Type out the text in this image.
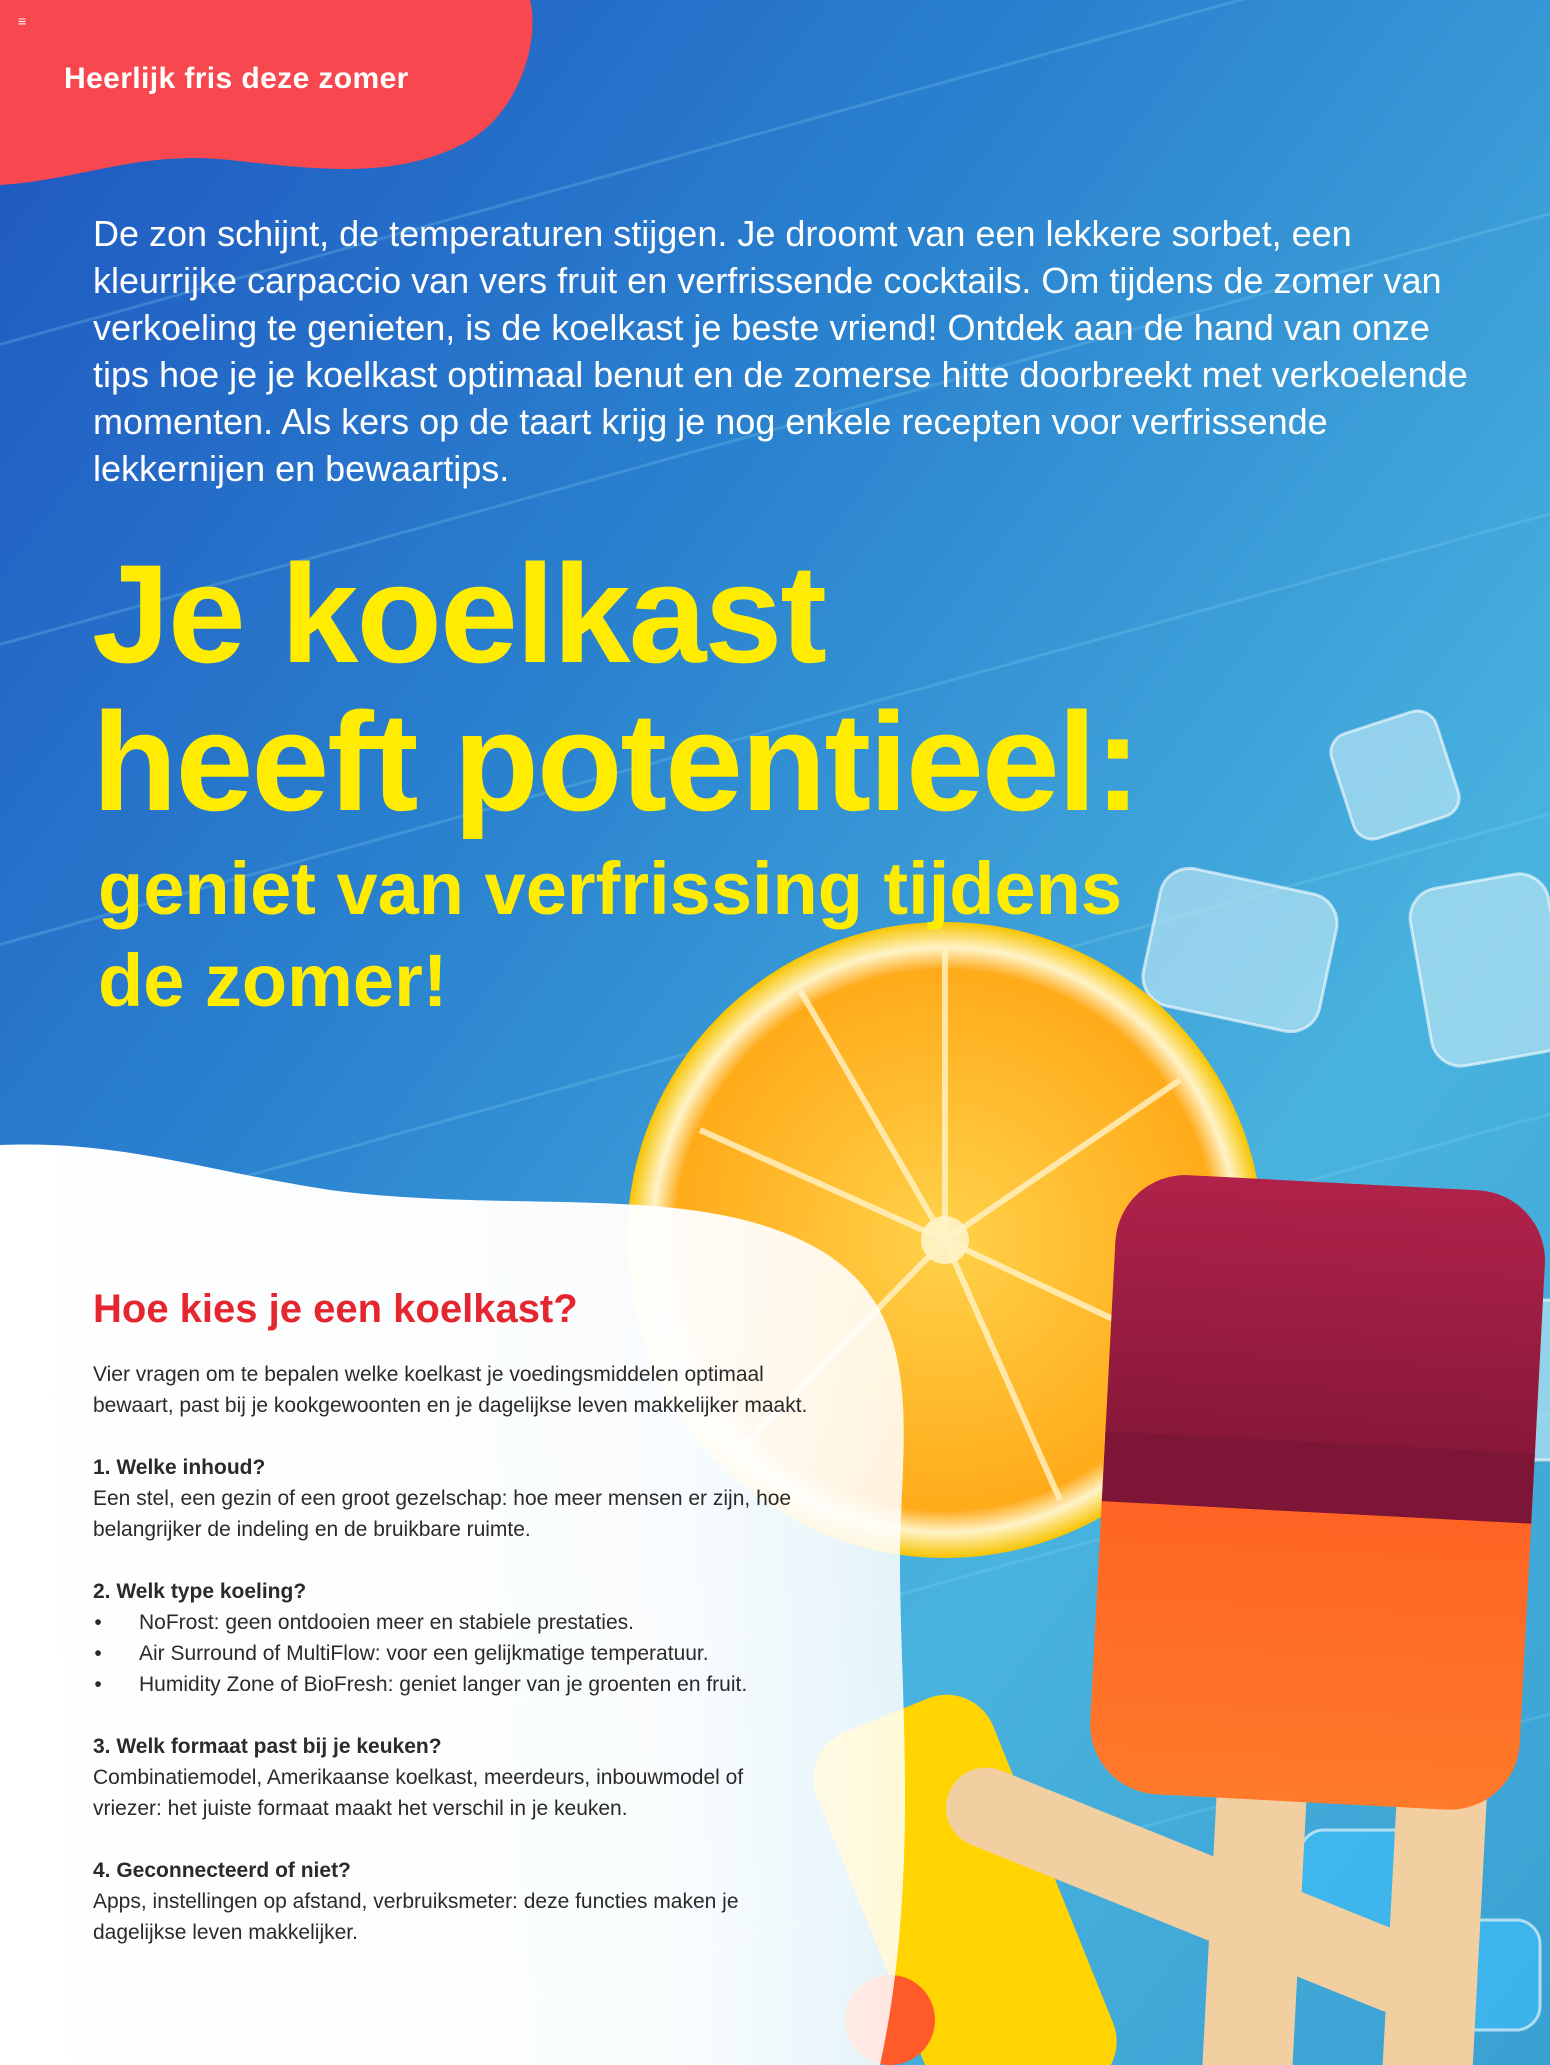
≡
Heerlijk fris deze zomer

De zon schijnt, de temperaturen stijgen. Je droomt van een lekkere sorbet, een kleurrijke carpaccio van vers fruit en verfrissende cocktails. Om tijdens de zomer van verkoeling te genieten, is de koelkast je beste vriend! Ontdek aan de hand van onze tips hoe je je koelkast optimaal benut en de zomerse hitte doorbreekt met verkoelende momenten. Als kers op de taart krijg je nog enkele recepten voor verfrissende lekkernijen en bewaartips.

Je koelkast
heeft potentieel:
geniet van verfrissing tijdens
de zomer!
Hoe kies je een koelkast?

Vier vragen om te bepalen welke koelkast je voedingsmiddelen optimaal bewaart, past bij je kookgewoonten en je dagelijkse leven makkelijker maakt.

1. Welke inhoud?

Een stel, een gezin of een groot gezelschap: hoe meer mensen er zijn, hoe belangrijker de indeling en de bruikbare ruimte.

2. Welk type koeling?

• NoFrost: geen ontdooien meer en stabiele prestaties.
• Air Surround of MultiFlow: voor een gelijkmatige temperatuur.
• Humidity Zone of BioFresh: geniet langer van je groenten en fruit.

3. Welk formaat past bij je keuken?

Combinatiemodel, Amerikaanse koelkast, meerdeurs, inbouwmodel of vriezer: het juiste formaat maakt het verschil in je keuken.

4. Geconnecteerd of niet?

Apps, instellingen op afstand, verbruiksmeter: deze functies maken je dagelijkse leven makkelijker.
